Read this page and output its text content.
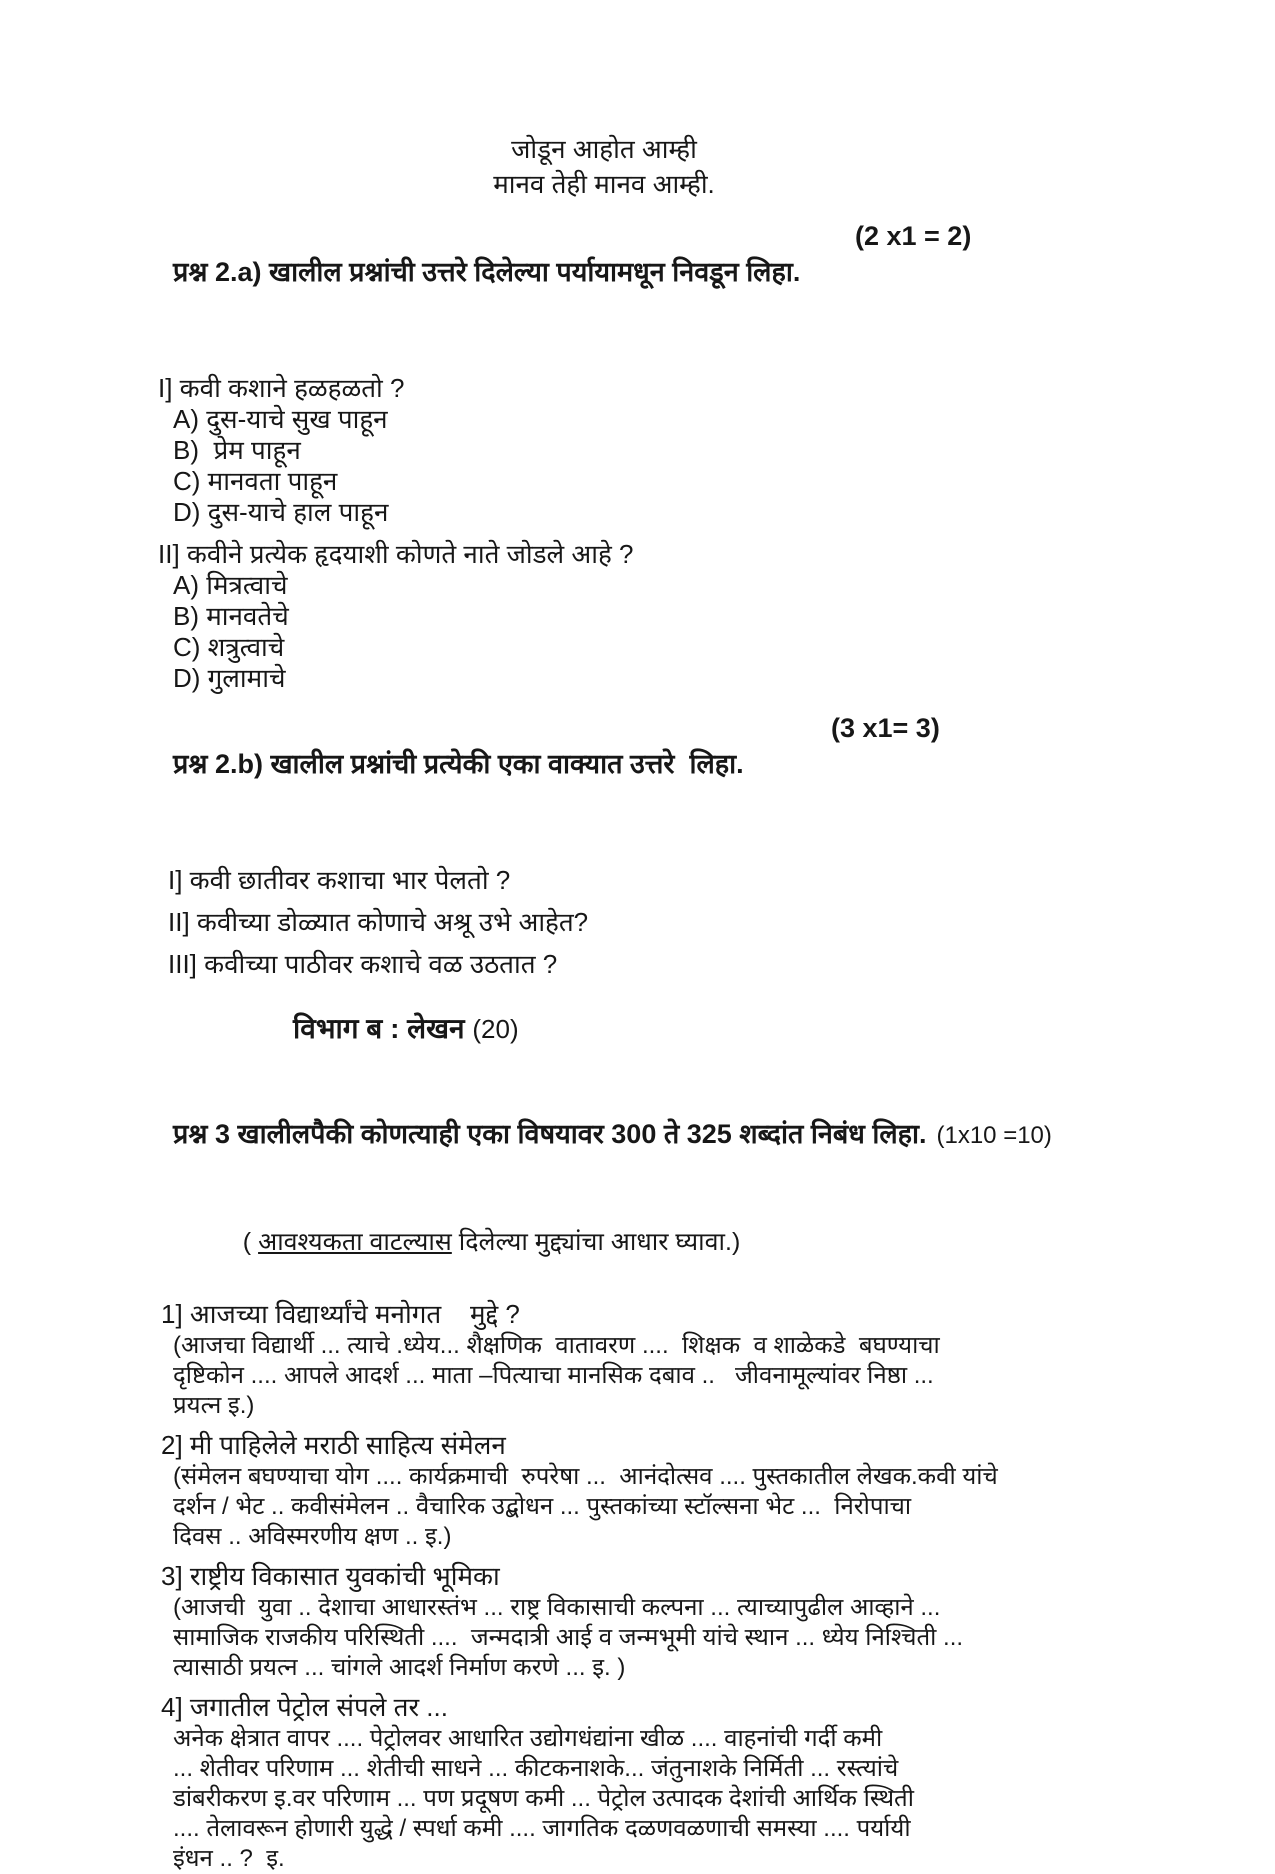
जोडून आहोत आम्ही
मानव तेही मानव आम्ही.

प्रश्न 2.a) खालील प्रश्नांची उत्तरे दिलेल्या पर्यायामधून निवडून लिहा.

(2 x1 = 2)

I] कवी कशाने हळहळतो ?
A) दुस-याचे सुख पाहून
B)  प्रेम पाहून
C) मानवता पाहून
D) दुस-याचे हाल पाहून
II] कवीने प्रत्येक हृदयाशी कोणते नाते जोडले आहे ?
A) मित्रत्वाचे
B) मानवतेचे
C) शत्रुत्वाचे
D) गुलामाचे

प्रश्न 2.b) खालील प्रश्नांची प्रत्येकी एका वाक्यात उत्तरे  लिहा.

(3 x1= 3)

I] कवी छातीवर कशाचा भार पेलतो ?
II] कवीच्या डोळ्यात कोणाचे अश्रू उभे आहेत?
III] कवीच्या पाठीवर कशाचे वळ उठतात ?
विभाग ब : लेखन (20)

प्रश्न 3 खालीलपैकी कोणत्याही एका विषयावर 300 ते 325 शब्दांत निबंध लिहा. (1x10 =10)

( आवश्यकता वाटल्यास दिलेल्या मुद्द्यांचा आधार घ्यावा.)

1] आजच्या विद्यार्थ्यांचे मनोगत    मुद्दे ?
(आजचा विद्यार्थी ... त्याचे .ध्येय... शैक्षणिक  वातावरण ....  शिक्षक  व शाळेकडे  बघण्याचा
दृष्टिकोन .... आपले आदर्श ... माता –पित्याचा मानसिक दबाव ..   जीवनामूल्यांवर निष्ठा ...
प्रयत्न इ.)
2] मी पाहिलेले मराठी साहित्य संमेलन
(संमेलन बघण्याचा योग .... कार्यक्रमाची  रुपरेषा ...  आनंदोत्सव .... पुस्तकातील लेखक.कवी यांचे
दर्शन / भेट .. कवीसंमेलन .. वैचारिक उद्बोधन ... पुस्तकांच्या स्टॉल्सना भेट ...  निरोपाचा
दिवस .. अविस्मरणीय क्षण .. इ.)
3] राष्ट्रीय विकासात युवकांची भूमिका
(आजची  युवा .. देशाचा आधारस्तंभ ... राष्ट्र विकासाची कल्पना ... त्याच्यापुढील आव्हाने ...
सामाजिक राजकीय परिस्थिती ....  जन्मदात्री आई व जन्मभूमी यांचे स्थान ... ध्येय निश्चिती ...
त्यासाठी प्रयत्न ... चांगले आदर्श निर्माण करणे ... इ. )
4] जगातील पेट्रोल संपले तर ...
अनेक क्षेत्रात वापर .... पेट्रोलवर आधारित उद्योगधंद्यांना खीळ .... वाहनांची गर्दी कमी
... शेतीवर परिणाम ... शेतीची साधने ... कीटकनाशके... जंतुनाशके निर्मिती ... रस्त्यांचे
डांबरीकरण इ.वर परिणाम ... पण प्रदूषण कमी ... पेट्रोल उत्पादक देशांची आर्थिक स्थिती
.... तेलावरून होणारी युद्धे / स्पर्धा कमी .... जागतिक दळणवळणाची समस्या .... पर्यायी
इंधन .. ?  इ.
